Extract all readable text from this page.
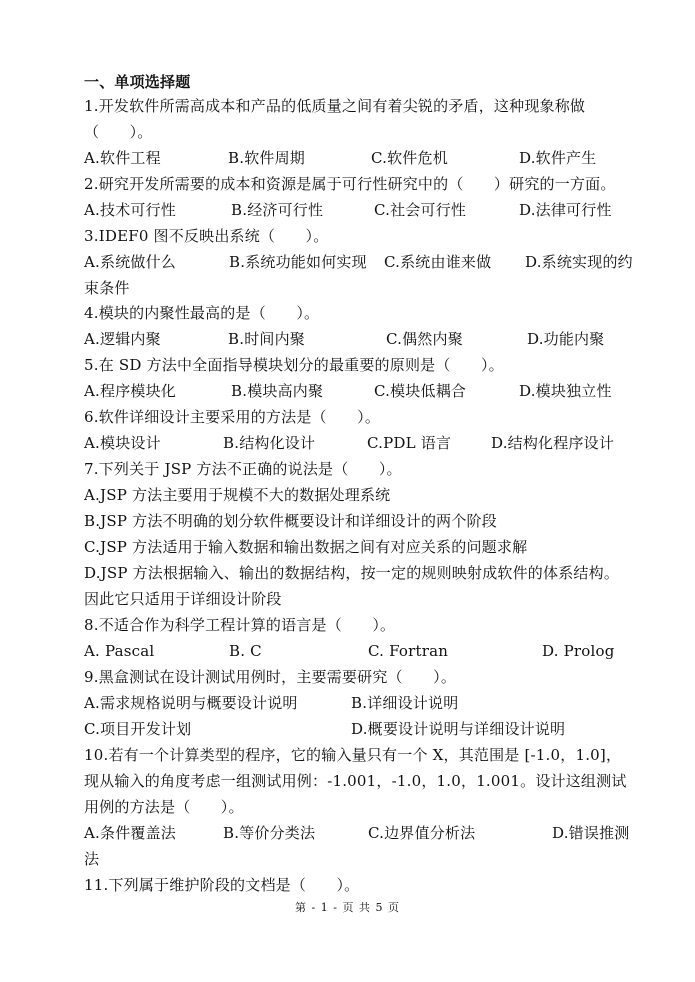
一、单项选择题
1.开发软件所需高成本和产品的低质量之间有着尖锐的矛盾，这种现象称做
（　　）。
A.软件工程	B.软件周期	C.软件危机	D.软件产生
2.研究开发所需要的成本和资源是属于可行性研究中的（　　）研究的一方面。
A.技术可行性	B.经济可行性	C.社会可行性	D.法律可行性
3.IDEF0 图不反映出系统（　　）。
A.系统做什么	B.系统功能如何实现 C.系统由谁来做 D.系统实现的约
束条件
4.模块的内聚性最高的是（　　）。
A.逻辑内聚	B.时间内聚	C.偶然内聚	D.功能内聚
5.在 SD 方法中全面指导模块划分的最重要的原则是（　　）。
A.程序模块化	B.模块高内聚	C.模块低耦合	D.模块独立性
6.软件详细设计主要采用的方法是（　　）。
A.模块设计	B.结构化设计	C.PDL 语言	D.结构化程序设计
7.下列关于 JSP 方法不正确的说法是（　　）。
A.JSP 方法主要用于规模不大的数据处理系统
B.JSP 方法不明确的划分软件概要设计和详细设计的两个阶段
C.JSP 方法适用于输入数据和输出数据之间有对应关系的问题求解
D.JSP 方法根据输入、输出的数据结构，按一定的规则映射成软件的体系结构。
因此它只适用于详细设计阶段
8.不适合作为科学工程计算的语言是（　　）。
A. Pascal	B. C	C. Fortran	D. Prolog
9.黑盒测试在设计测试用例时，主要需要研究（　　）。
A.需求规格说明与概要设计说明	B.详细设计说明
C.项目开发计划	D.概要设计说明与详细设计说明
10.若有一个计算类型的程序，它的输入量只有一个 X，其范围是 [-1.0，1.0]，
现从输入的角度考虑一组测试用例：-1.001，-1.0，1.0，1.001。设计这组测试
用例的方法是（　　）。
A.条件覆盖法	B.等价分类法	C.边界值分析法	D.错误推测
法
11.下列属于维护阶段的文档是（　　）。
第 - 1 - 页 共 5 页
